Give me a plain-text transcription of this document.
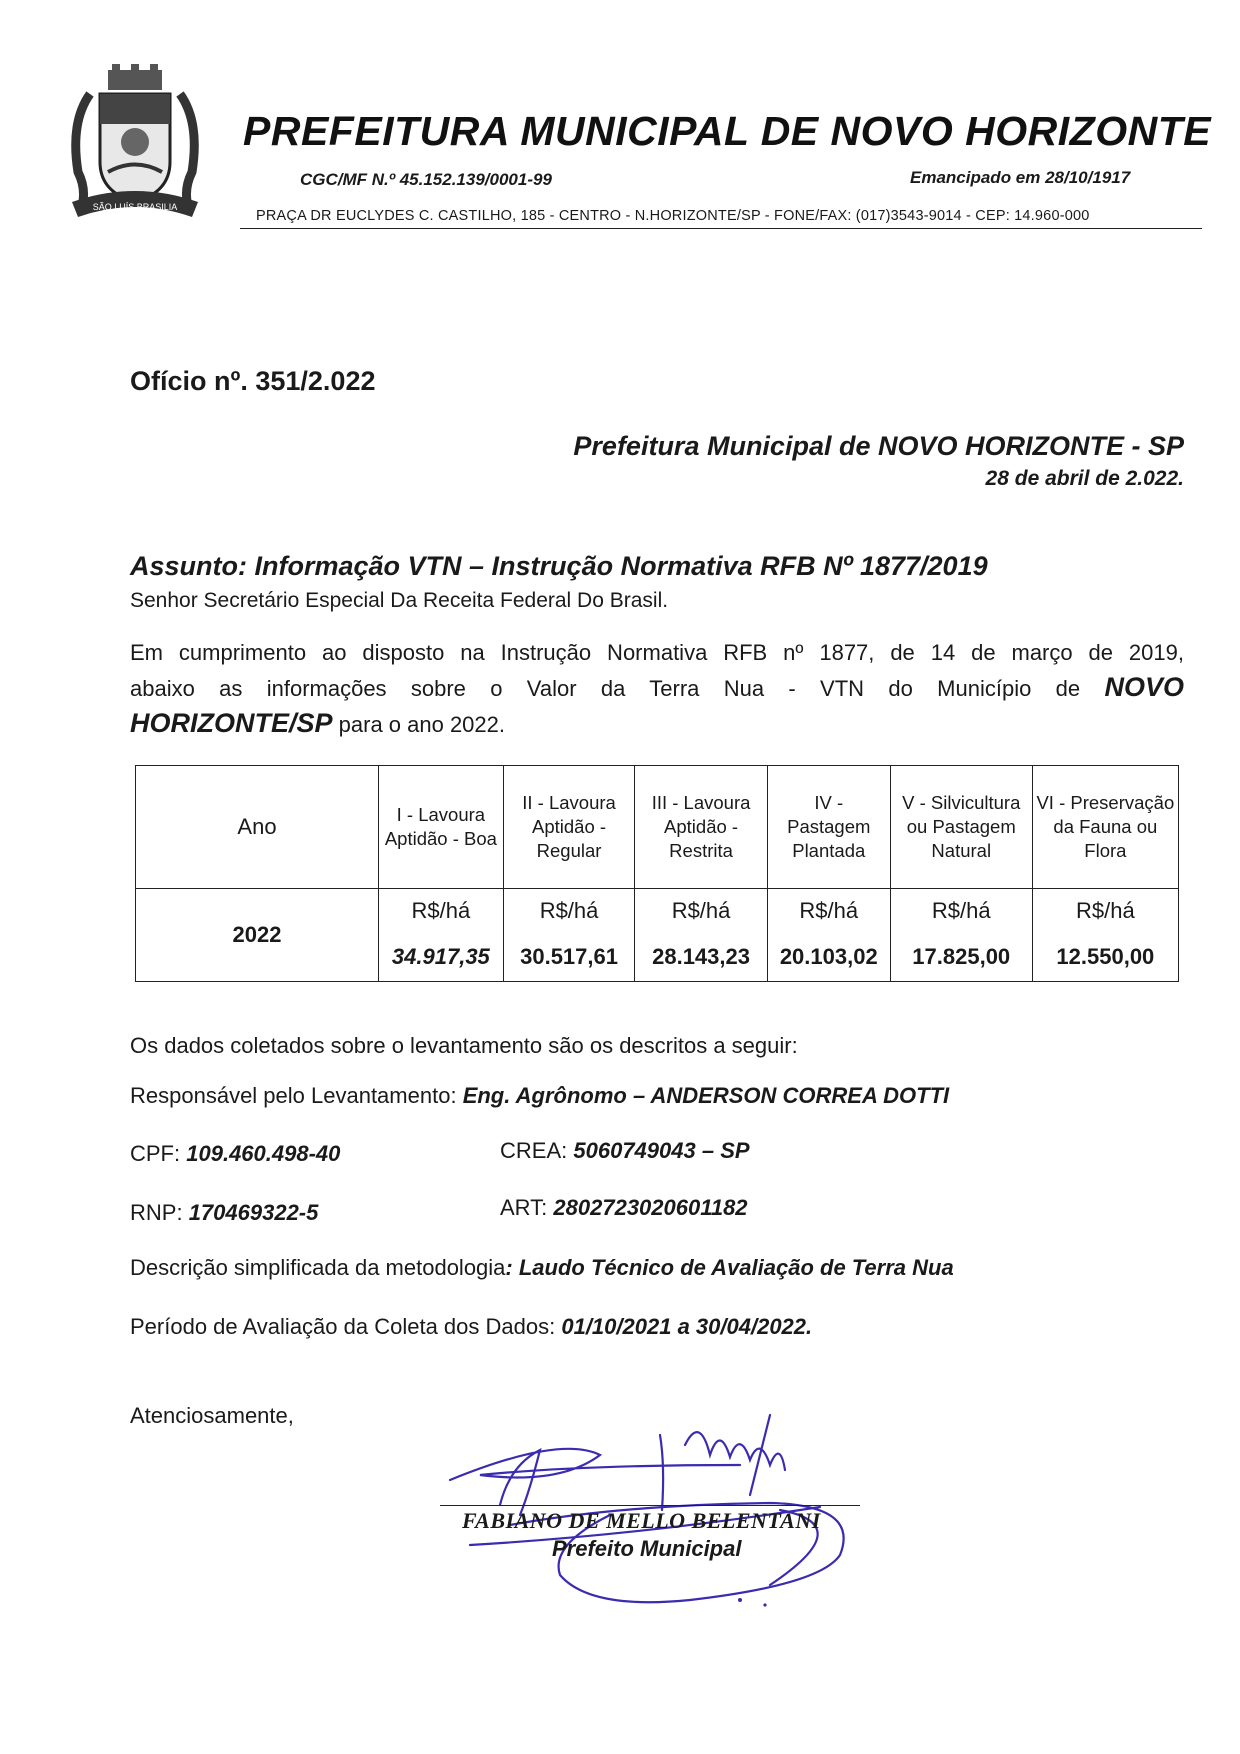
SÃO LUÍS BRASILIA
PREFEITURA MUNICIPAL DE NOVO HORIZONTE
CGC/MF N.º 45.152.139/0001-99	Emancipado em 28/10/1917
PRAÇA DR EUCLYDES C. CASTILHO, 185 - CENTRO - N.HORIZONTE/SP - FONE/FAX: (017)3543-9014 - CEP: 14.960-000
Ofício nº. 351/2.022
Prefeitura Municipal de NOVO HORIZONTE - SP
28 de abril de 2.022.
Assunto: Informação VTN – Instrução Normativa RFB Nº 1877/2019
Senhor Secretário Especial Da Receita Federal Do Brasil.

Em cumprimento ao disposto na Instrução Normativa RFB nº 1877, de 14 de março de 2019,

abaixo as informações sobre o Valor da Terra Nua - VTN do Município de NOVO

HORIZONTE/SP para o ano 2022.

Ano	I - Lavoura Aptidão - Boa	II - Lavoura Aptidão - Regular	III - Lavoura Aptidão - Restrita	IV - Pastagem Plantada	V - Silvicultura ou Pastagem Natural	VI - Preservação da Fauna ou Flora
2022	R$/há	R$/há	R$/há	R$/há	R$/há	R$/há
	34.917,35	30.517,61	28.143,23	20.103,02	17.825,00	12.550,00
Os dados coletados sobre o levantamento são os descritos a seguir:
Responsável pelo Levantamento: Eng. Agrônomo – ANDERSON CORREA DOTTI
CPF: 109.460.498-40	CREA: 5060749043 – SP
RNP: 170469322-5	ART: 2802723020601182
Descrição simplificada da metodologia: Laudo Técnico de Avaliação de Terra Nua
Período de Avaliação da Coleta dos Dados: 01/10/2021 a 30/04/2022.
Atenciosamente,
FABIANO DE MELLO BELENTANI
Prefeito Municipal
